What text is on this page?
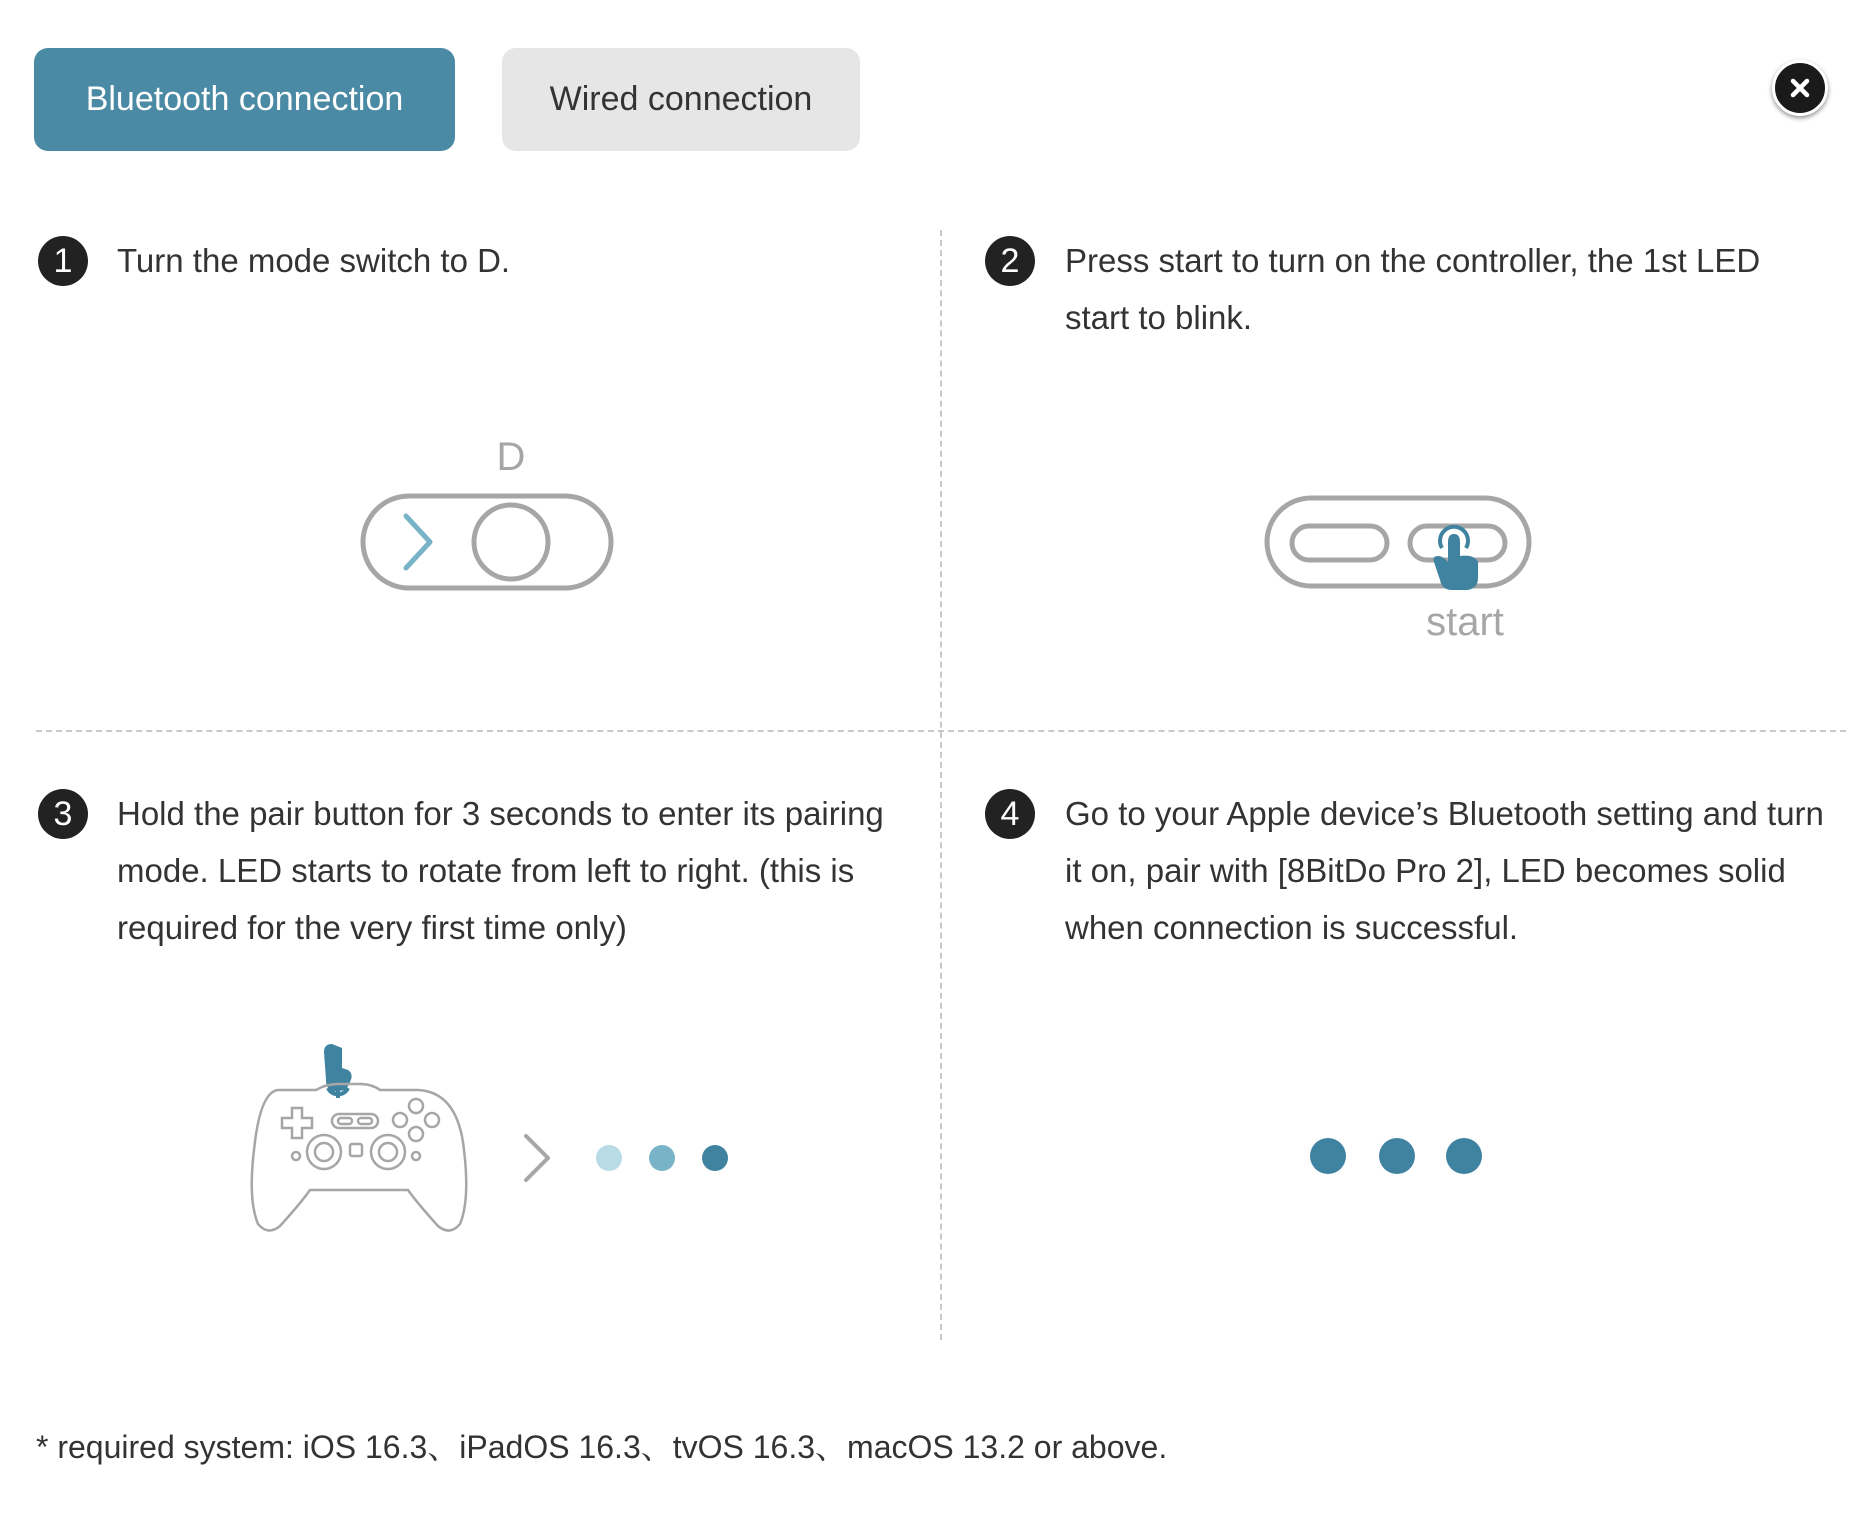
Bluetooth connection	Wired connection
1	Turn the mode switch to D.
D
2	Press start to turn on the controller, the 1st LED start to blink.
start
3	Hold the pair button for 3 seconds to enter its pairing mode. LED starts to rotate from left to right. (this is required for the very first time only)
4	Go to your Apple device’s Bluetooth setting and turn it on, pair with [8BitDo Pro 2], LED becomes solid when connection is successful.
* required system: iOS 16.3、iPadOS 16.3、tvOS 16.3、macOS 13.2 or above.
